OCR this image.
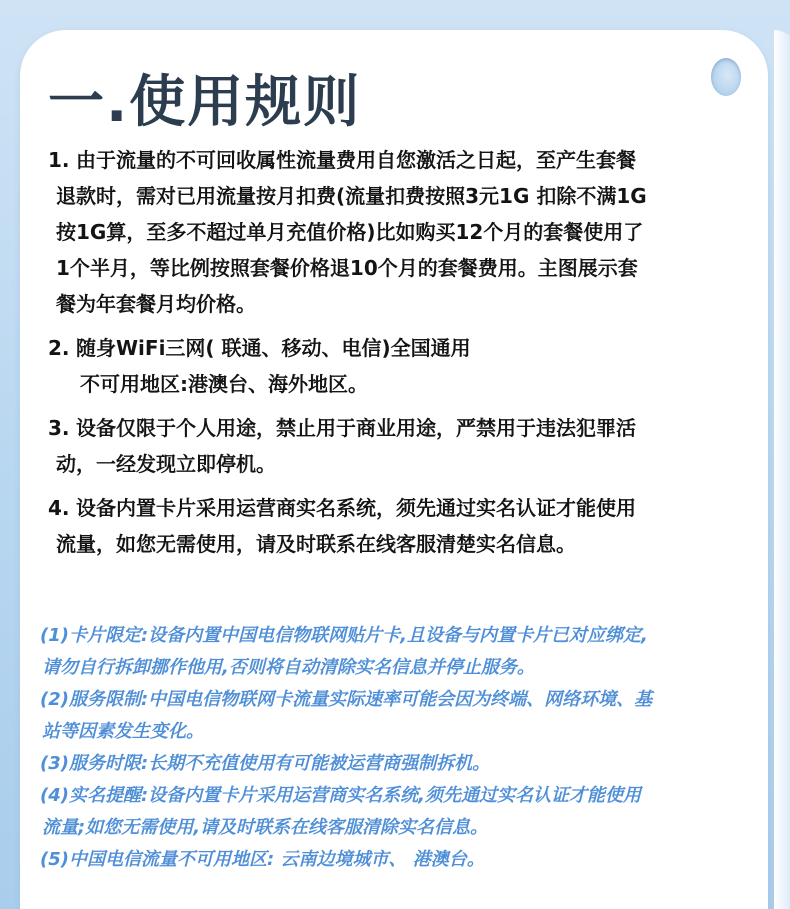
一.使用规则
1. 由于流量的不可回收属性流量费用自您激活之日起，至产生套餐
退款时，需对已用流量按月扣费(流量扣费按照3元1G 扣除不满1G
按1G算，至多不超过单月充值价格)比如购买12个月的套餐使用了
1个半月，等比例按照套餐价格退10个月的套餐费用。主图展示套
餐为年套餐月均价格。
2. 随身WiFi三网( 联通、移动、电信)全国通用
不可用地区:港澳台、海外地区。
3. 设备仅限于个人用途，禁止用于商业用途，严禁用于违法犯罪活
动，一经发现立即停机。
4. 设备内置卡片采用运营商实名系统，须先通过实名认证才能使用
流量，如您无需使用，请及时联系在线客服清楚实名信息。
(1)卡片限定:设备内置中国电信物联网贴片卡,且设备与内置卡片已对应绑定,
请勿自行拆卸挪作他用,否则将自动清除实名信息并停止服务。
(2)服务限制:中国电信物联网卡流量实际速率可能会因为终端、网络环境、基
站等因素发生变化。
(3)服务时限:长期不充值使用有可能被运营商强制拆机。
(4)实名提醒:设备内置卡片采用运营商实名系统,须先通过实名认证才能使用
流量;如您无需使用,请及时联系在线客服清除实名信息。
(5)中国电信流量不可用地区: 云南边境城市、 港澳台。
